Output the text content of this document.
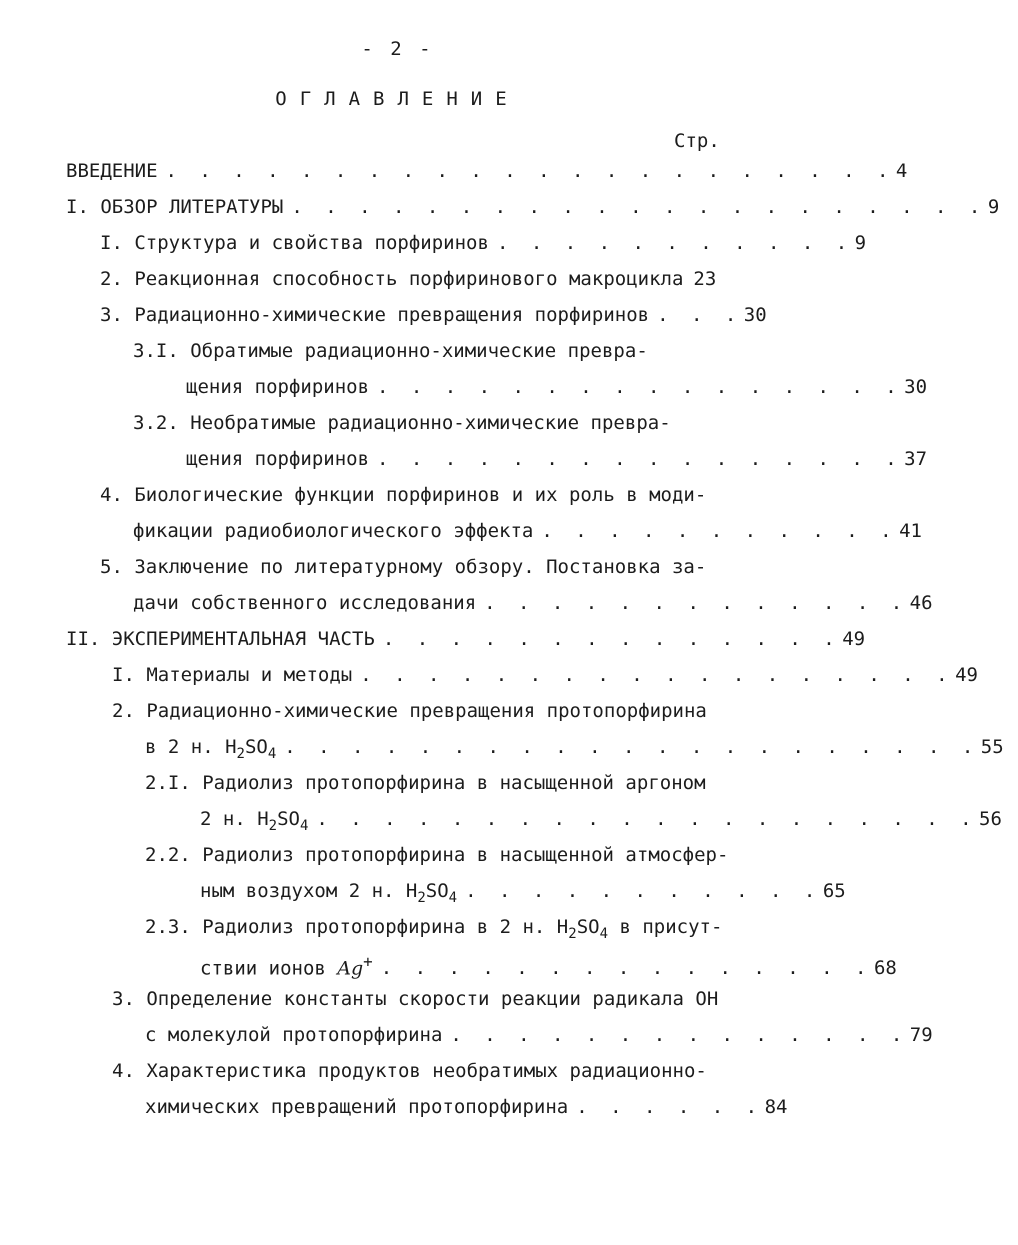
- 2 -
ОГЛАВЛЕНИЕ
Стр.
ВВЕДЕНИЕ . . . . . . . . . . . . . . . . . . . . . . 4
I. ОБЗОР ЛИТЕРАТУРЫ . . . . . . . . . . . . . . . . . . . . . 9
I. Структура и свойства порфиринов . . . . . . . . . . . 9
2. Реакционная способность порфиринового макроцикла 23
3. Радиационно-химические превращения порфиринов . . . 30
3.I. Обратимые радиационно-химические превра-
щения порфиринов . . . . . . . . . . . . . . . . 30
3.2. Необратимые радиационно-химические превра-
щения порфиринов . . . . . . . . . . . . . . . . 37
4. Биологические функции порфиринов и их роль в моди-
фикации радиобиологического эффекта . . . . . . . . . . . 41
5. Заключение по литературному обзору. Постановка за-
дачи собственного исследования . . . . . . . . . . . . . 46
II. ЭКСПЕРИМЕНТАЛЬНАЯ ЧАСТЬ . . . . . . . . . . . . . . 49
I. Материалы и методы . . . . . . . . . . . . . . . . . . 49
2. Радиационно-химические превращения протопорфирина
в 2 н. $H_2SO_4$ . . . . . . . . . . . . . . . . . . . . . 55
2.I. Радиолиз протопорфирина в насыщенной аргоном
2 н. $H_2SO_4$ . . . . . . . . . . . . . . . . . . . . 56
2.2. Радиолиз протопорфирина в насыщенной атмосфер-
ным воздухом 2 н. $H_2SO_4$ . . . . . . . . . . . 65
2.3. Радиолиз протопорфирина в 2 н. $H_2SO_4$ в присут-
ствии ионов Ag+ . . . . . . . . . . . . . . . 68
3. Определение константы скорости реакции радикала OH
с молекулой протопорфирина . . . . . . . . . . . . . . 79
4. Характеристика продуктов необратимых радиационно-
химических превращений протопорфирина . . . . . . 84
